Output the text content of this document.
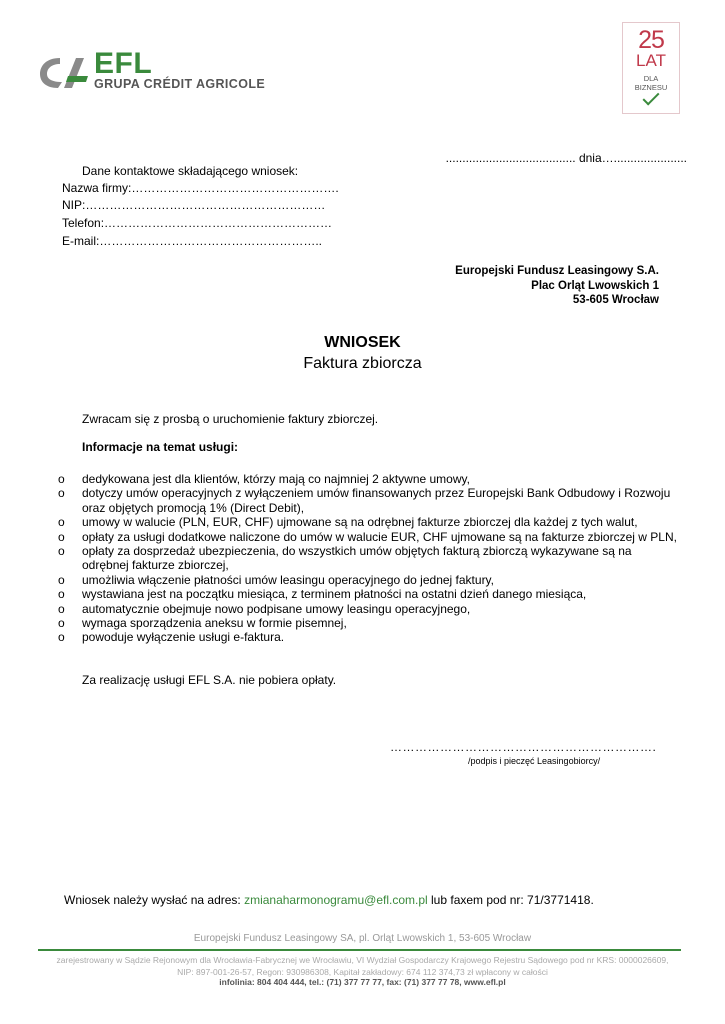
EFL
GRUPA CRÉDIT AGRICOLE
25
LAT
DLA
BIZNESU
....................................... dnia…......................
Dane kontaktowe składającego wniosek:
Nazwa firmy:…………………………………………….
NIP:……………………………………………………
Telefon:…………………………………………………
E-mail:………………………………………………..
Europejski Fundusz Leasingowy S.A.
Plac Orląt Lwowskich 1
53-605 Wrocław
WNIOSEK
Faktura zbiorcza
Zwracam się z prosbą o uruchomienie faktury zbiorczej.
Informacje na temat usługi:
o dedykowana jest dla klientów, którzy mają co najmniej 2 aktywne umowy,
o dotyczy umów operacyjnych z wyłączeniem umów finansowanych przez Europejski Bank Odbudowy i Rozwoju
oraz objętych promocją 1% (Direct Debit),
o umowy w walucie (PLN, EUR, CHF) ujmowane są na odrębnej fakturze zbiorczej dla każdej z tych walut,
o opłaty za usługi dodatkowe naliczone do umów w walucie EUR, CHF ujmowane są na fakturze zbiorczej w PLN,
o opłaty za dosprzedaż ubezpieczenia, do wszystkich umów objętych fakturą zbiorczą wykazywane są na
odrębnej fakturze zbiorczej,
o umożliwia włączenie płatności umów leasingu operacyjnego do jednej faktury,
o wystawiana jest na początku miesiąca, z terminem płatności na ostatni dzień danego miesiąca,
o automatycznie obejmuje nowo podpisane umowy leasingu operacyjnego,
o wymaga sporządzenia aneksu w formie pisemnej,
o powoduje wyłączenie usługi e-faktura.
Za realizację usługi EFL S.A. nie pobiera opłaty.
……………………………………………………….
/podpis i pieczęć Leasingobiorcy/
Wniosek należy wysłać na adres: zmianaharmonogramu@efl.com.pl lub faxem pod nr: 71/3771418.
Europejski Fundusz Leasingowy SA, pl. Orląt Lwowskich 1, 53-605 Wrocław
zarejestrowany w Sądzie Rejonowym dla Wrocławia-Fabrycznej we Wrocławiu, VI Wydział Gospodarczy Krajowego Rejestru Sądowego pod nr KRS: 0000026609,
NIP: 897-001-26-57, Regon: 930986308, Kapitał zakładowy: 674 112 374,73 zł wpłacony w całości
infolinia: 804 404 444, tel.: (71) 377 77 77, fax: (71) 377 77 78, www.efl.pl
